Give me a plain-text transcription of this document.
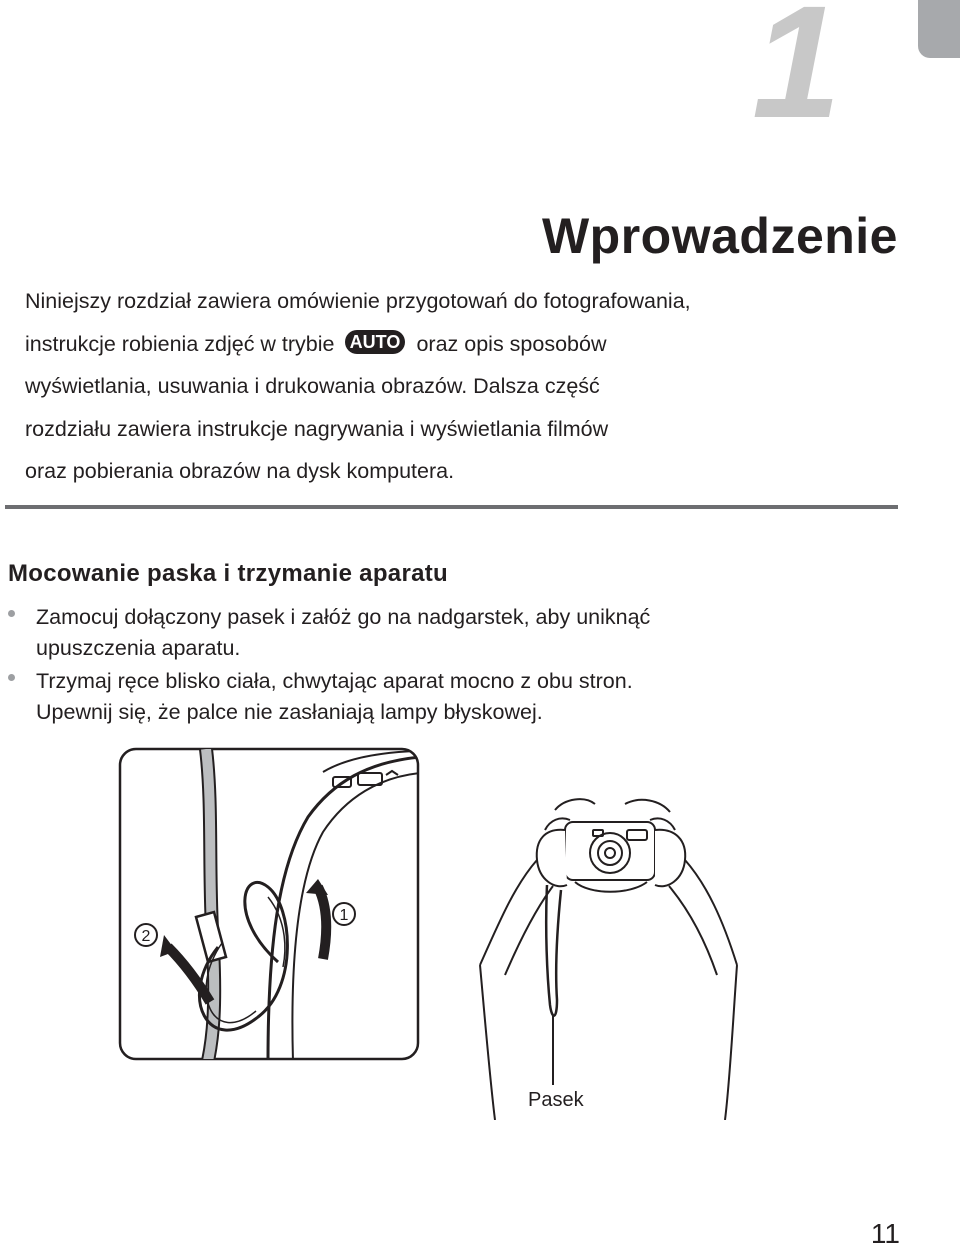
1
Wprowadzenie

Niniejszy rozdział zawiera omówienie przygotowań do fotografowania,

instrukcje robienia zdjęć w trybie AUTO oraz opis sposobów

wyświetlania, usuwania i drukowania obrazów. Dalsza część

rozdziału zawiera instrukcje nagrywania i wyświetlania filmów

oraz pobierania obrazów na dysk komputera.

Mocowanie paska i trzymanie aparatu
Zamocuj dołączony pasek i załóż go na nadgarstek, aby uniknąć
upuszczenia aparatu.
Trzymaj ręce blisko ciała, chwytając aparat mocno z obu stron.
Upewnij się, że palce nie zasłaniają lampy błyskowej.
1
2
Pasek
11
